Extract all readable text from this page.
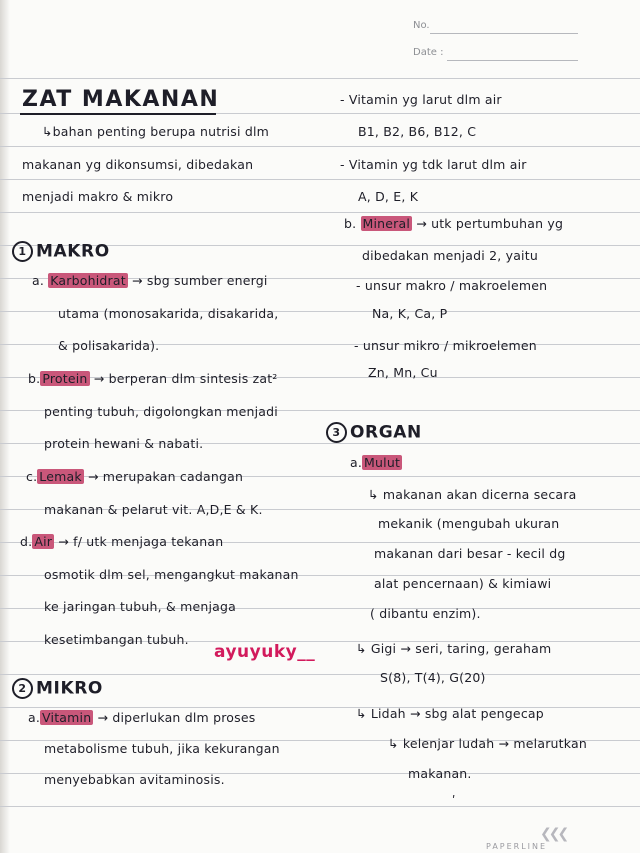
No.
Date :
ZAT MAKANAN
↳bahan penting berupa nutrisi dlm
makanan yg dikonsumsi, dibedakan
menjadi makro & mikro
1 MAKRO
a. Karbohidrat → sbg sumber energi
utama (monosakarida, disakarida,
& polisakarida).
b. Protein → berperan dlm sintesis zat²
penting tubuh, digolongkan menjadi
protein hewani & nabati.
c. Lemak → merupakan cadangan
makanan & pelarut vit. A,D,E & K.
d. Air → f/ utk menjaga tekanan
osmotik dlm sel, mengangkut makanan
ke jaringan tubuh, & menjaga
kesetimbangan tubuh.
2 MIKRO
a. Vitamin → diperlukan dlm proses
metabolisme tubuh, jika kekurangan
menyebabkan avitaminosis.
- Vitamin yg larut dlm air
B1, B2, B6, B12, C
- Vitamin yg tdk larut dlm air
A, D, E, K
b. Mineral → utk pertumbuhan yg
dibedakan menjadi 2, yaitu
- unsur makro / makroelemen
Na, K, Ca, P
- unsur mikro / mikroelemen
Zn, Mn, Cu
3 ORGAN
a. Mulut
↳ makanan akan dicerna secara
mekanik (mengubah ukuran
makanan dari besar - kecil dg
alat pencernaan) & kimiawi
( dibantu enzim).
↳ Gigi → seri, taring, geraham
S(8), T(4), G(20)
↳ Lidah → sbg alat pengecap
↳ kelenjar ludah → melarutkan
makanan.
ʹ
ayuyuky__
❮❮❮
PAPERLINE
